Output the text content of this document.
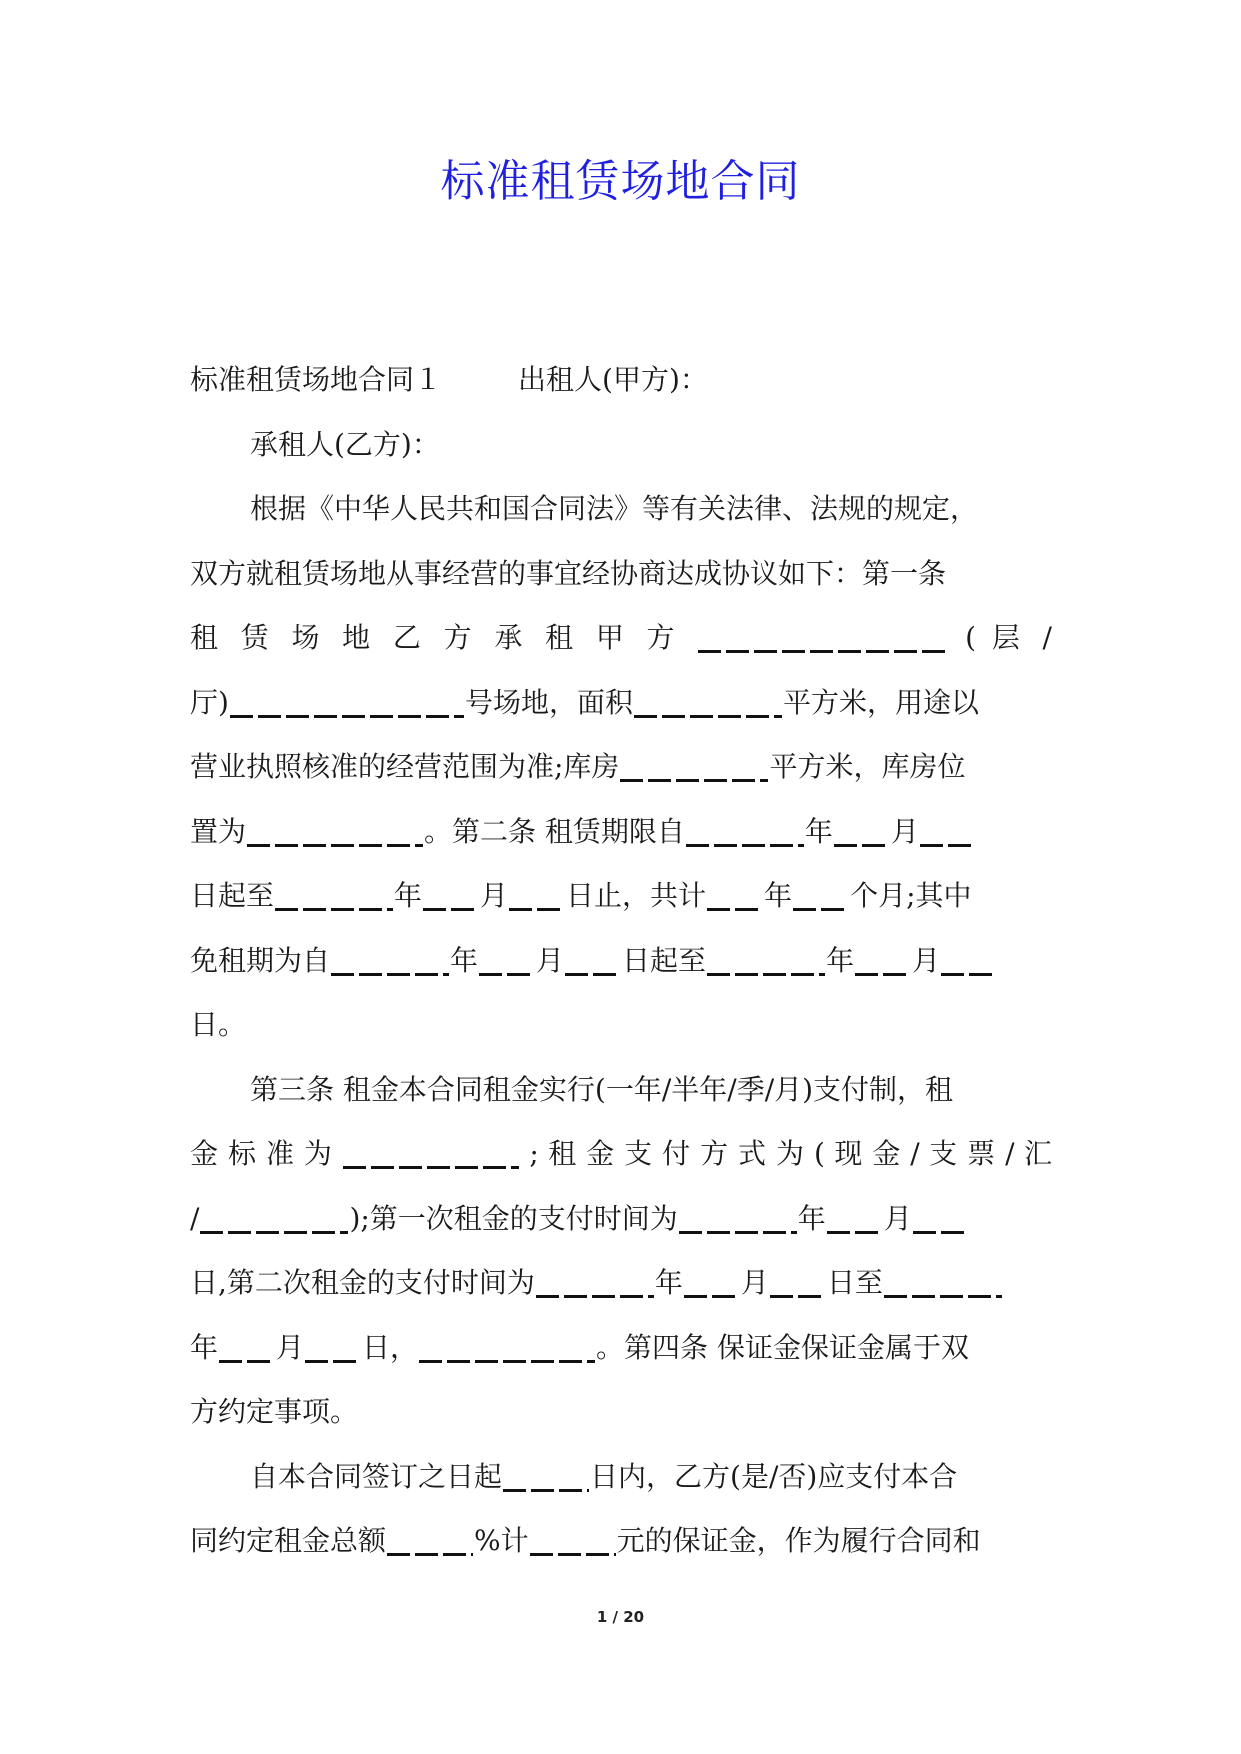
标准租赁场地合同
标准租赁场地合同１	出租人(甲方)：
承租人(乙方)：
根据《中华人民共和国合同法》等有关法律、法规的规定，
双方就租赁场地从事经营的事宜经协商达成协议如下：第一条
租 赁 场 地 乙 方 承 租 甲 方	( 层 /
厅)	号场地，面积	平方米，用途以
营业执照核准的经营范围为准;库房	平方米，库房位
置为	。第二条 租赁期限自	年 月
日起至	年 月 日止，共计 年 个月;其中
免租期为自	年 月 日起至	年 月
日。
第三条 租金本合同租金实行(一年/半年/季/月)支付制，租
金 标 准 为	; 租 金 支 付 方 式 为 ( 现 金 / 支 票 / 汇
/	);第一次租金的支付时间为	年 月
日,第二次租金的支付时间为	年 月 日至
年 月 日，	。第四条 保证金保证金属于双
方约定事项。
自本合同签订之日起	日内，乙方(是/否)应支付本合
同约定租金总额	%计	元的保证金，作为履行合同和
1 / 20
